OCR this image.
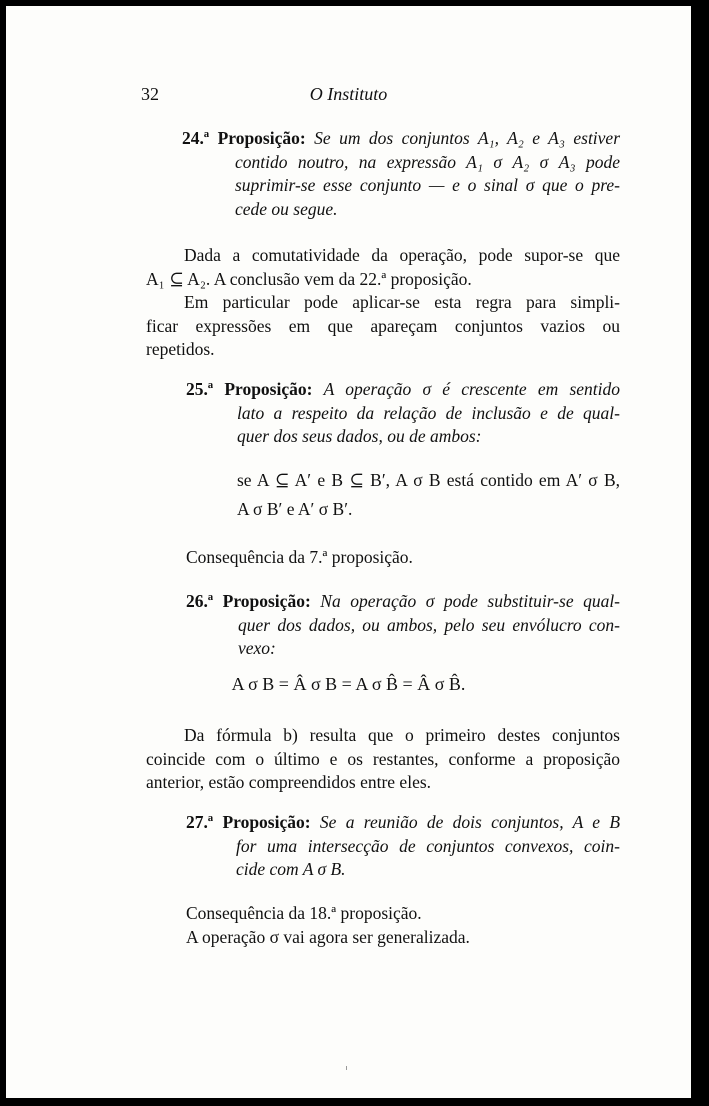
32	O Instituto
24.ª Proposição: Se um dos conjuntos A₁, A₂ e A₃ estiver
contido noutro, na expressão A₁ σ A₂ σ A₃ pode
suprimir-se esse conjunto — e o sinal σ que o pre-
cede ou segue.
Dada a comutatividade da operação, pode supor-se que
A₁ ⊆ A₂. A conclusão vem da 22.ª proposição.
Em particular pode aplicar-se esta regra para simpli-
ficar expressões em que apareçam conjuntos vazios ou
repetidos.
25.ª Proposição: A operação σ é crescente em sentido
lato a respeito da relação de inclusão e de qual-
quer dos seus dados, ou de ambos:
se A ⊆ A′ e B ⊆ B′, A σ B está contido em A′ σ B,
A σ B′ e A′ σ B′.
Consequência da 7.ª proposição.
26.ª Proposição: Na operação σ pode substituir-se qual-
quer dos dados, ou ambos, pelo seu envólucro con-
vexo:
A σ B = Â σ B = A σ B̂ = Â σ B̂.
Da fórmula b) resulta que o primeiro destes conjuntos
coincide com o último e os restantes, conforme a proposição
anterior, estão compreendidos entre eles.
27.ª Proposição: Se a reunião de dois conjuntos, A e B
for uma intersecção de conjuntos convexos, coin-
cide com A σ B.
Consequência da 18.ª proposição.
A operação σ vai agora ser generalizada.
